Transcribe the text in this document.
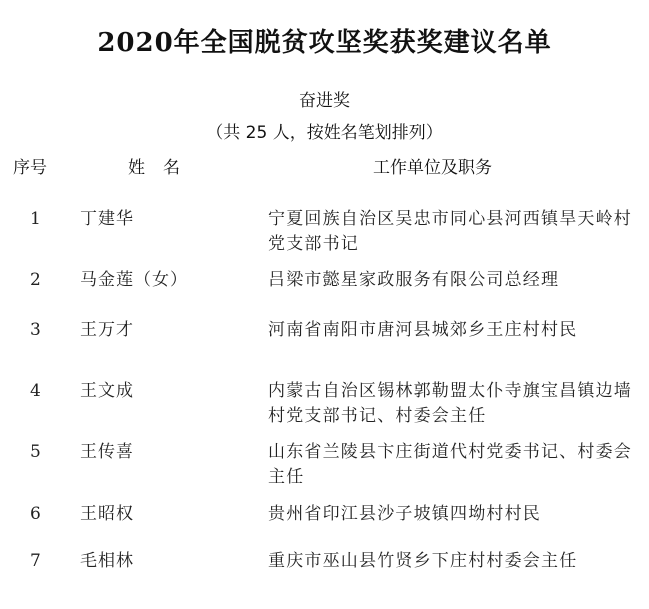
2020年全国脱贫攻坚奖获奖建议名单
奋进奖
（共 25 人，按姓名笔划排列）
序号	姓名	工作单位及职务
1 丁建华	宁夏回族自治区吴忠市同心县河西镇旱天岭村党支部书记
2 马金莲（女）	吕梁市懿星家政服务有限公司总经理
3 王万才	河南省南阳市唐河县城郊乡王庄村村民
4 王文成	内蒙古自治区锡林郭勒盟太仆寺旗宝昌镇边墙村党支部书记、村委会主任
5 王传喜	山东省兰陵县卞庄街道代村党委书记、村委会主任
6 王昭权	贵州省印江县沙子坡镇四坳村村民
7 毛相林	重庆市巫山县竹贤乡下庄村村委会主任
